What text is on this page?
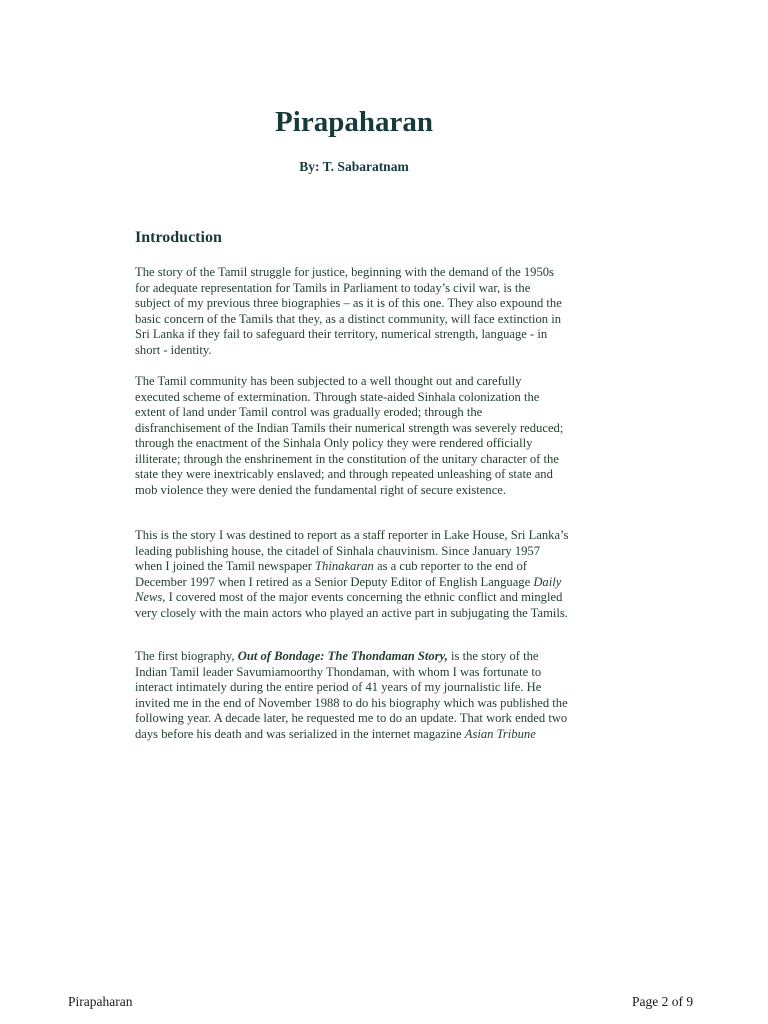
Pirapaharan
By: T. Sabaratnam
Introduction

The story of the Tamil struggle for justice, beginning with the demand of the 1950s for adequate representation for Tamils in Parliament to today’s civil war, is the subject of my previous three biographies – as it is of this one. They also expound the basic concern of the Tamils that they, as a distinct community, will face extinction in Sri Lanka if they fail to safeguard their territory, numerical strength, language - in short - identity.

The Tamil community has been subjected to a well thought out and carefully executed scheme of extermination. Through state-aided Sinhala colonization the extent of land under Tamil control was gradually eroded; through the disfranchisement of the Indian Tamils their numerical strength was severely reduced; through the enactment of the Sinhala Only policy they were rendered officially illiterate; through the enshrinement in the constitution of the unitary character of the state they were inextricably enslaved; and through repeated unleashing of state and mob violence they were denied the fundamental right of secure existence.

This is the story I was destined to report as a staff reporter in Lake House, Sri Lanka’s leading publishing house, the citadel of Sinhala chauvinism. Since January 1957 when I joined the Tamil newspaper Thinakaran as a cub reporter to the end of December 1997 when I retired as a Senior Deputy Editor of English Language Daily News, I covered most of the major events concerning the ethnic conflict and mingled very closely with the main actors who played an active part in subjugating the Tamils.

The first biography, Out of Bondage: The Thondaman Story, is the story of the Indian Tamil leader Savumiamoorthy Thondaman, with whom I was fortunate to interact intimately during the entire period of 41 years of my journalistic life. He invited me in the end of November 1988 to do his biography which was published the following year. A decade later, he requested me to do an update. That work ended two days before his death and was serialized in the internet magazine Asian Tribune

Pirapaharan	Page 2 of 9
